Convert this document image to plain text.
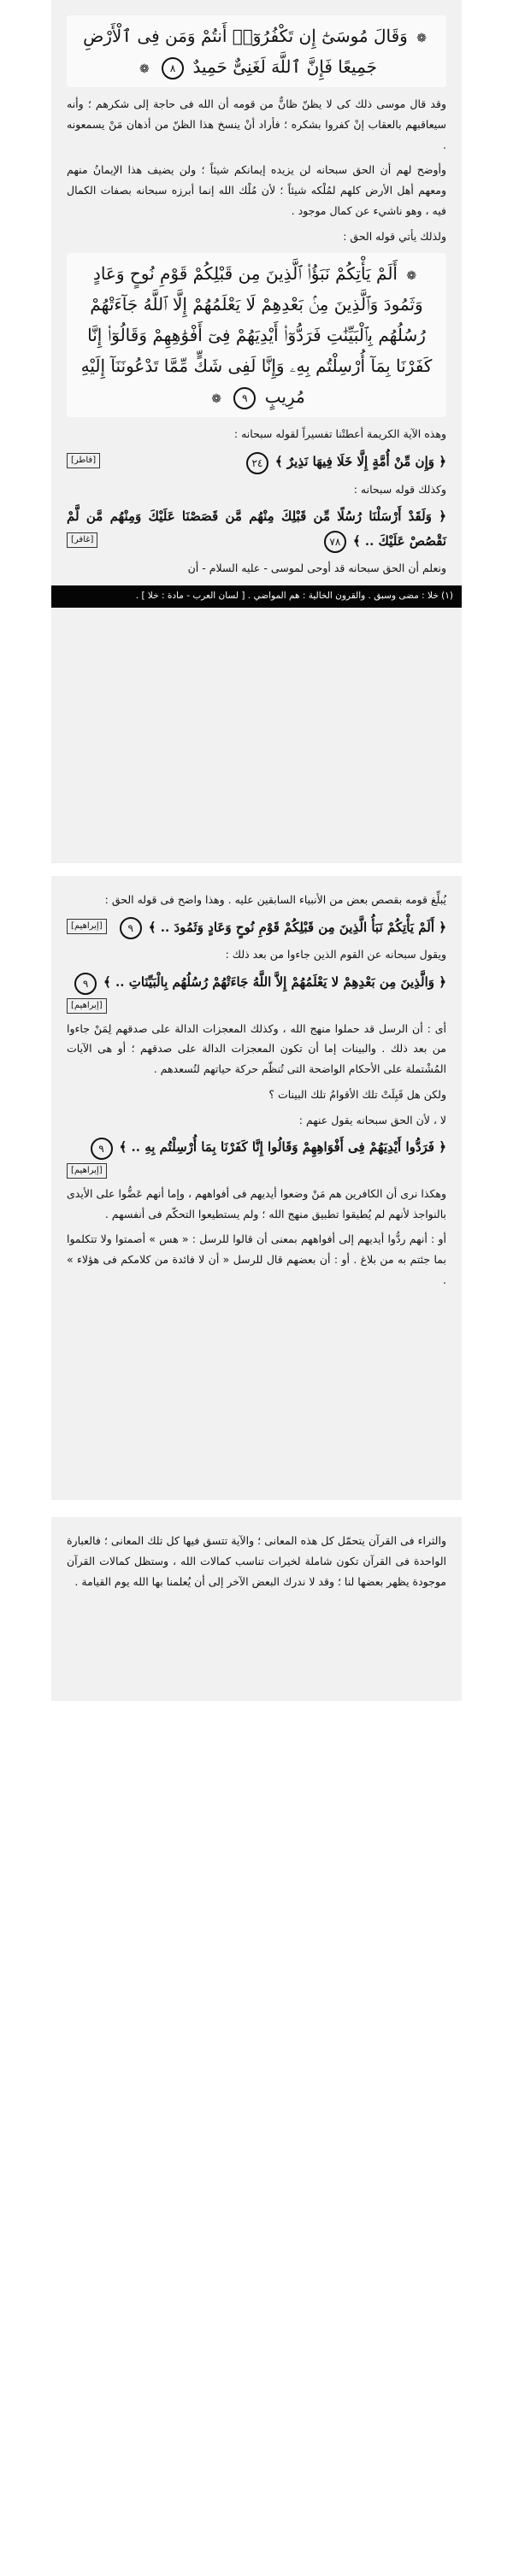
❁ وَقَالَ مُوسَىٰٓ إِن تَكْفُرُوٓا۟ أَنتُمْ وَمَن فِى ٱلْأَرْضِ جَمِيعًا فَإِنَّ ٱللَّهَ لَغَنِىٌّ حَمِيدٌ ٨ ❁

وقد قال موسى ذلك كى لا يظنّ ظانٌّ من قومه أن الله فى حاجة إلى شكرهم ؛ وأنه سيعاقبهم بالعقاب إنْ كفروا بشكره ؛ فأراد أنْ ينسخ هذا الظنّ من أذهان مَنْ يسمعونه .

وأوضح لهم أن الحق سبحانه لن يزيده إيمانكم شيئاً ؛ ولن يضيف هذا الإيمانُ منهم ومعهم أهل الأرض كلهم لمُلْكه شيئاً ؛ لأن مُلْك الله إنما أبرزه سبحانه بصفات الكمال فيه ، وهو ناشيء عن كمال موجود .

ولذلك يأتي قوله الحق :

❁ أَلَمْ يَأْتِكُمْ نَبَؤُا۟ ٱلَّذِينَ مِن قَبْلِكُمْ قَوْمِ نُوحٍ وَعَادٍ وَثَمُودَ وَٱلَّذِينَ مِنۢ بَعْدِهِمْ لَا يَعْلَمُهُمْ إِلَّا ٱللَّهُ جَآءَتْهُمْ رُسُلُهُم بِٱلْبَيِّنَٰتِ فَرَدُّوٓا۟ أَيْدِيَهُمْ فِىٓ أَفْوَٰهِهِمْ وَقَالُوٓا۟ إِنَّا كَفَرْنَا بِمَآ أُرْسِلْتُم بِهِۦ وَإِنَّا لَفِى شَكٍّ مِّمَّا تَدْعُونَنَآ إِلَيْهِ مُرِيبٍ ٩ ❁

وهذه الآية الكريمة أعطتْنا تفسيراً لقوله سبحانه :

﴿ وَإِن مِّنْ أُمَّةٍ إِلَّا خَلَا فِيهَا نَذِيرٌ ﴾ ٢٤
[فاطر]

وكذلك قوله سبحانه :

﴿ وَلَقَدْ أَرْسَلْنَا رُسُلًا مِّن قَبْلِكَ مِنْهُم مَّن قَصَصْنَا عَلَيْكَ وَمِنْهُم مَّن لَّمْ نَقْصُصْ عَلَيْكَ .. ﴾ ٧٨
[غافر]

ونعلم أن الحق سبحانه قد أوحى لموسى - عليه السلام - أن

(١) خلا : مضى وسبق . والقرون الخالية : هم المواضي . [ لسان العرب - مادة : خلا ] .

يُبلِّغ قومه بقصص بعض من الأنبياء السابقين عليه . وهذا واضح فى قوله الحق :

﴿ أَلَمْ يَأْتِكُمْ نَبَأُ الَّذِينَ مِن قَبْلِكُمْ قَوْمِ نُوحٍ وَعَادٍ وَثَمُودَ .. ﴾ ٩
[إبراهيم]

ويقول سبحانه عن القوم الذين جاءوا من بعد ذلك :

﴿ وَالَّذِينَ مِن بَعْدِهِمْ لا يَعْلَمُهُمْ إِلاَّ اللَّهُ جَاءَتْهُمْ رُسُلُهُم بِالْبَيِّنَاتِ .. ﴾ ٩
[إبراهيم]

أى : أن الرسل قد حملوا منهج الله ، وكذلك المعجزات الدالة على صدقهم لِمَنْ جاءوا من بعد ذلك . والبينات إما أن تكون المعجزات الدالة على صدقهم ؛ أو هى الآيات المُشْتملة على الأحكام الواضحة التى تُنظّم حركة حياتهم لتُسعدهم .

ولكن هل قَبِلَتْ تلك الأقوامُ تلك البينات ؟

لا ، لأن الحق سبحانه يقول عنهم :

﴿ فَرَدُّوا أَيْدِيَهُمْ فِى أَفْوَاهِهِمْ وَقَالُوا إِنَّا كَفَرْنَا بِمَا أُرْسِلْتُم بِهِ .. ﴾ ٩
[إبراهيم]

وهكذا نرى أن الكافرين هم مَنْ وضعوا أيديهم فى أفواههم ، وإما أنهم عَضُّوا على الأيدى بالنواجذ لأنهم لم يُطيقوا تطبيق منهج الله ؛ ولم يستطيعوا التحكّم فى أنفسهم .

أو : أنهم ردُّوا أيديهم إلى أفواههم بمعنى أن قالوا للرسل : « هس » أصمتوا ولا تتكلموا بما جئتم به من بلاغ . أو : أن بعضهم قال للرسل « أن لا فائدة من كلامكم فى هؤلاء » .

والثراء فى القرآن يتحمّل كل هذه المعانى ؛ والآية تتسق فيها كل تلك المعانى ؛ فالعبارة الواحدة فى القرآن تكون شاملة لخيرات تناسب كمالات الله ، وستظل كمالات القرآن موجودة يظهر بعضها لنا ؛ وقد لا ندرك البعض الآخر إلى أن يُعلمنا بها الله يوم القيامة .
